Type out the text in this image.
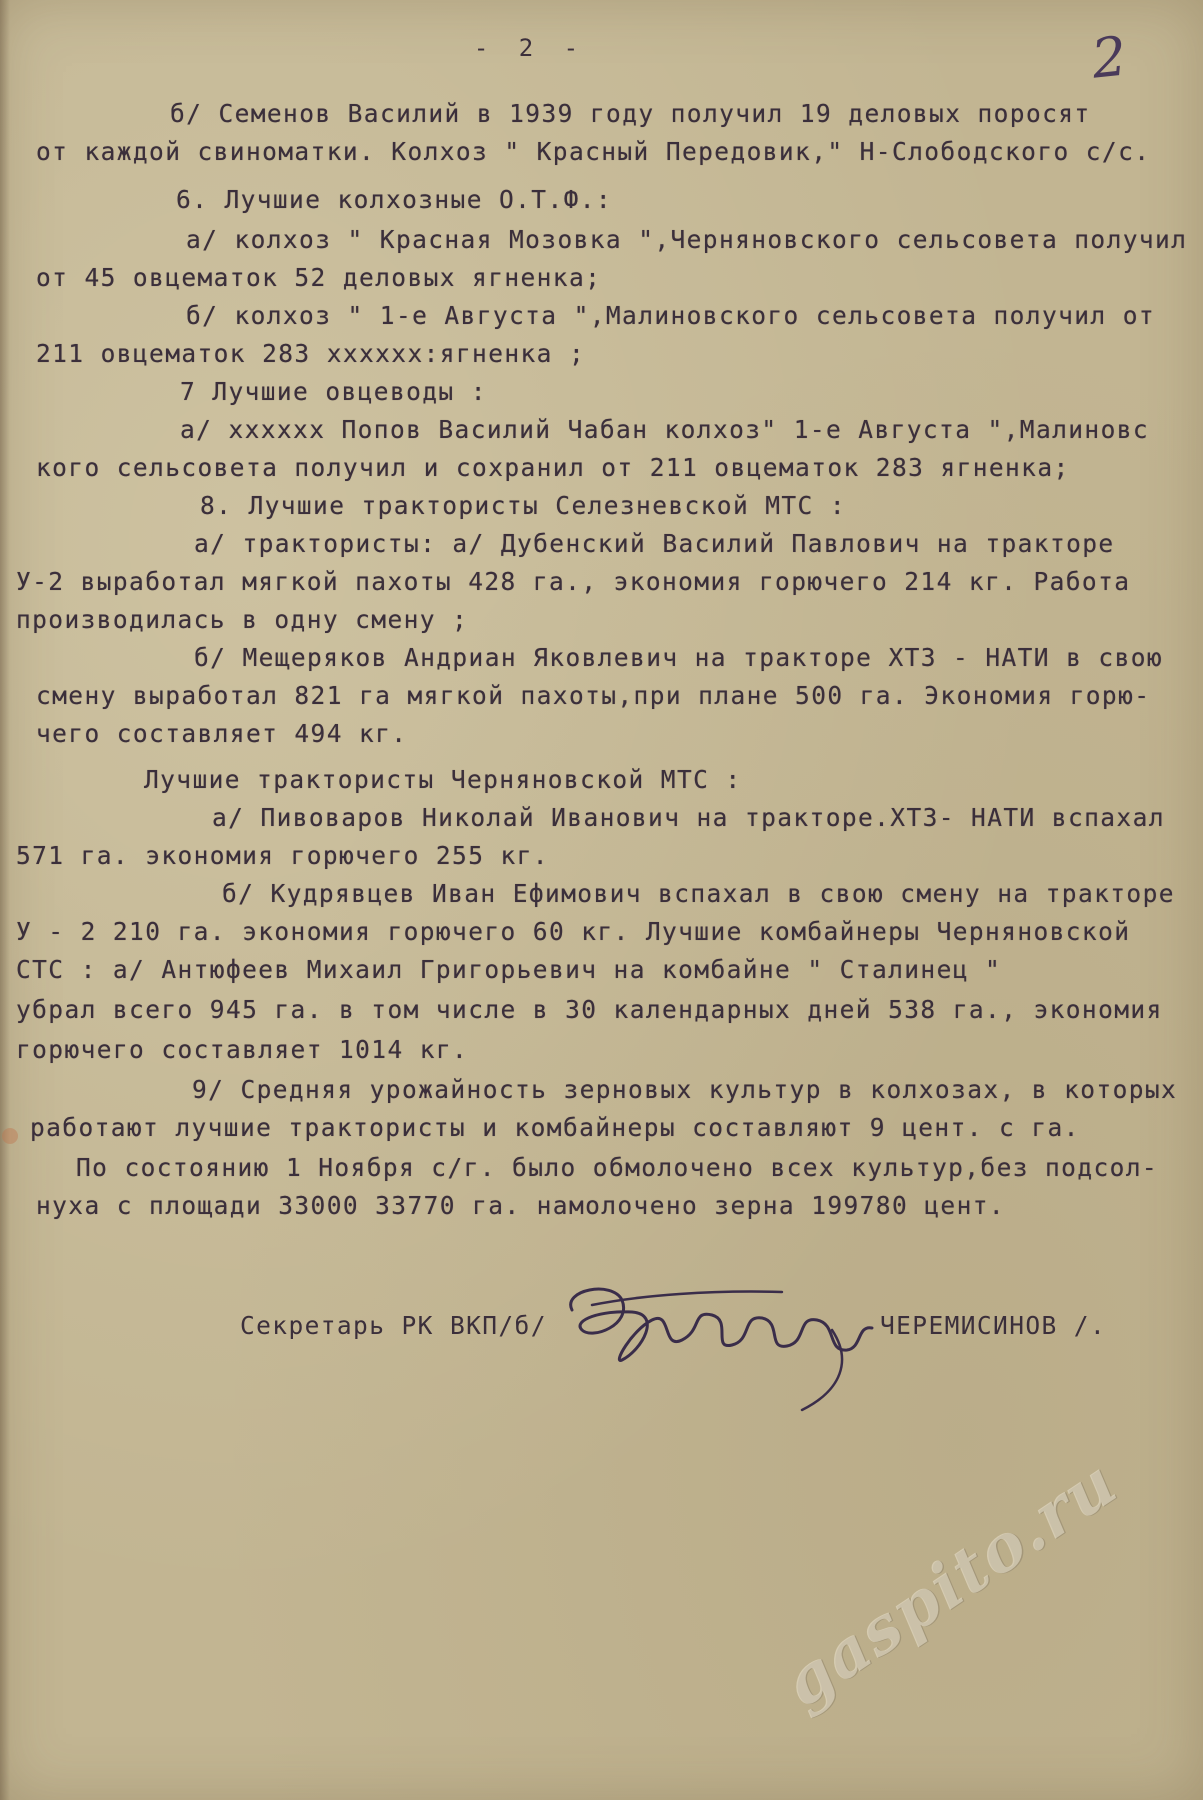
- 2 -	2
б/ Семенов Василий в 1939 году получил 19 деловых поросят
от каждой свиноматки. Колхоз " Красный Передовик," Н-Слободского с/с.
6. Лучшие колхозные О.Т.Ф.:
а/ колхоз " Красная Мозовка ",Черняновского сельсовета получил
от 45 овцематок 52 деловых ягненка;
б/ колхоз " 1-е Августа ",Малиновского сельсовета получил от
211 овцематок 283 xxxxxx:ягненка ;
7 Лучшие овцеводы :
а/ xxxxxx Попов Василий Чабан колхоз" 1-е Августа ",Малиновс
кого сельсовета получил и сохранил от 211 овцематок 283 ягненка;
8. Лучшие трактористы Селезневской МТС :
а/ трактористы: а/ Дубенский Василий Павлович на тракторе
У-2 выработал мягкой пахоты 428 га., экономия горючего 214 кг. Работа
производилась в одну смену ;
б/ Мещеряков Андриан Яковлевич на тракторе ХТЗ - НАТИ в свою
смену выработал 821 га мягкой пахоты,при плане 500 га. Экономия горю-
чего составляет 494 кг.
Лучшие трактористы Черняновской МТС :
а/ Пивоваров Николай Иванович на тракторе.ХТЗ- НАТИ вспахал
571 га. экономия горючего 255 кг.
б/ Кудрявцев Иван Ефимович вспахал в свою смену на тракторе
У - 2 210 га. экономия горючего 60 кг. Лучшие комбайнеры Черняновской
СТС : а/ Антюфеев Михаил Григорьевич на комбайне " Сталинец "
убрал всего 945 га. в том числе в 30 календарных дней 538 га., экономия
горючего составляет 1014 кг.
9/ Средняя урожайность зерновых культур в колхозах, в которых
работают лучшие трактористы и комбайнеры составляют 9 цент. с га.
По состоянию 1 Ноября с/г. было обмолочено всех культур,без подсол-
нуха с площади 33000 33770 га. намолочено зерна 199780 цент.
Секретарь РК ВКП/б/	ЧЕРЕМИСИНОВ /.
gaspito.ru
